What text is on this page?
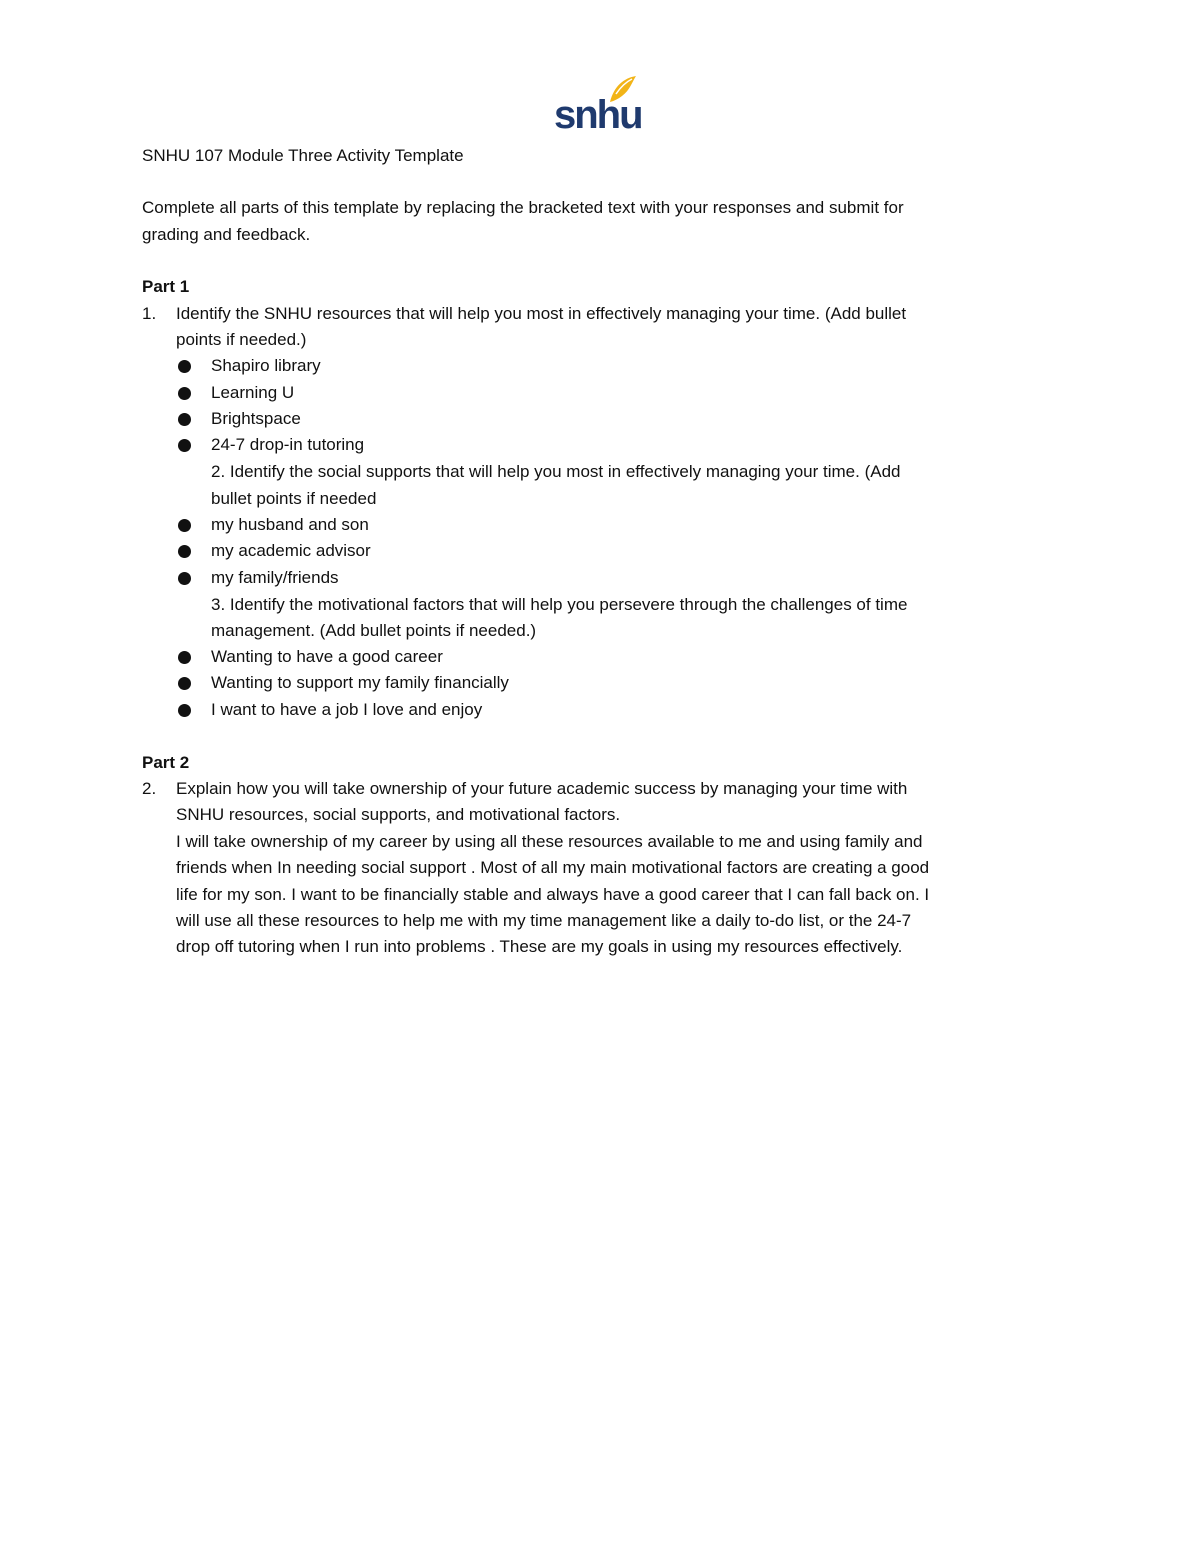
snhu
SNHU 107 Module Three Activity Template
Complete all parts of this template by replacing the bracketed text with your responses and submit for
grading and feedback.
Part 1
1. Identify the SNHU resources that will help you most in effectively managing your time. (Add bullet
points if needed.)
Shapiro library
Learning U
Brightspace
24-7 drop-in tutoring
2. Identify the social supports that will help you most in effectively managing your time. (Add
bullet points if needed
my husband and son
my academic advisor
my family/friends
3. Identify the motivational factors that will help you persevere through the challenges of time
management. (Add bullet points if needed.)
Wanting to have a good career
Wanting to support my family financially
I want to have a job I love and enjoy
Part 2
2. Explain how you will take ownership of your future academic success by managing your time with
SNHU resources, social supports, and motivational factors.
I will take ownership of my career by using all these resources available to me and using family and
friends when In needing social support . Most of all my main motivational factors are creating a good
life for my son. I want to be financially stable and always have a good career that I can fall back on. I
will use all these resources to help me with my time management like a daily to-do list, or the 24-7
drop off tutoring when I run into problems . These are my goals in using my resources effectively.
